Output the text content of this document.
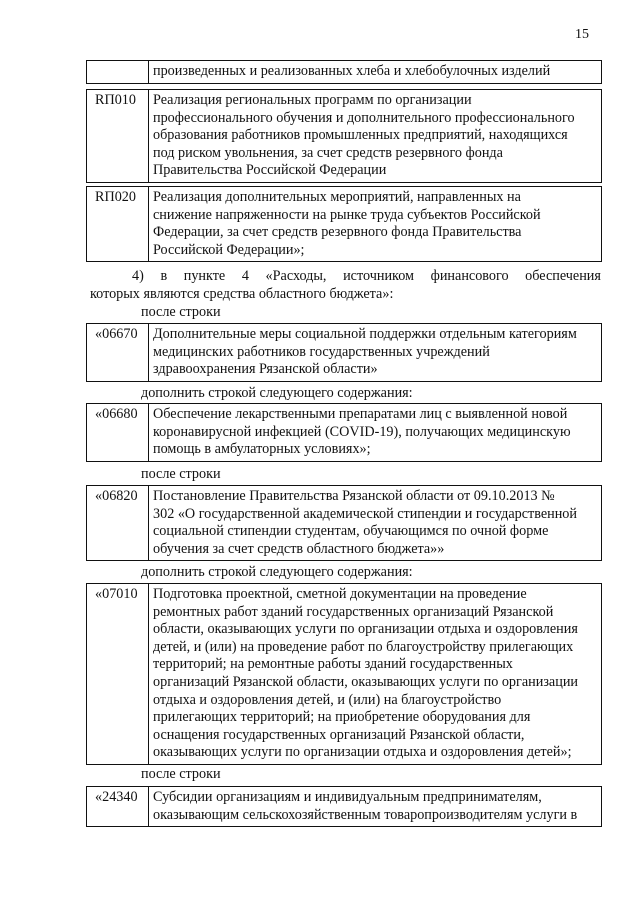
15
произведенных и реализованных хлеба и хлебобулочных изделий
RП010	Реализация региональных программ по организации
профессионального обучения и дополнительного профессионального
образования работников промышленных предприятий, находящихся
под риском увольнения, за счет средств резервного фонда
Правительства Российской Федерации
RП020	Реализация дополнительных мероприятий, направленных на
снижение напряженности на рынке труда субъектов Российской
Федерации, за счет средств резервного фонда Правительства
Российской Федерации»;
4) в пункте 4 «Расходы, источником финансового обеспечения
которых являются средства областного бюджета»:
после строки
«06670	Дополнительные меры социальной поддержки отдельным категориям
медицинских работников государственных учреждений
здравоохранения Рязанской области»
дополнить строкой следующего содержания:
«06680	Обеспечение лекарственными препаратами лиц с выявленной новой
коронавирусной инфекцией (COVID-19), получающих медицинскую
помощь в амбулаторных условиях»;
после строки
«06820	Постановление Правительства Рязанской области от 09.10.2013 №
302 «О государственной академической стипендии и государственной
социальной стипендии студентам, обучающимся по очной форме
обучения за счет средств областного бюджета»»
дополнить строкой следующего содержания:
«07010	Подготовка проектной, сметной документации на проведение
ремонтных работ зданий государственных организаций Рязанской
области, оказывающих услуги по организации отдыха и оздоровления
детей, и (или) на проведение работ по благоустройству прилегающих
территорий; на ремонтные работы зданий государственных
организаций Рязанской области, оказывающих услуги по организации
отдыха и оздоровления детей, и (или) на благоустройство
прилегающих территорий; на приобретение оборудования для
оснащения государственных организаций Рязанской области,
оказывающих услуги по организации отдыха и оздоровления детей»;
после строки
«24340	Субсидии организациям и индивидуальным предпринимателям,
оказывающим сельскохозяйственным товаропроизводителям услуги в
